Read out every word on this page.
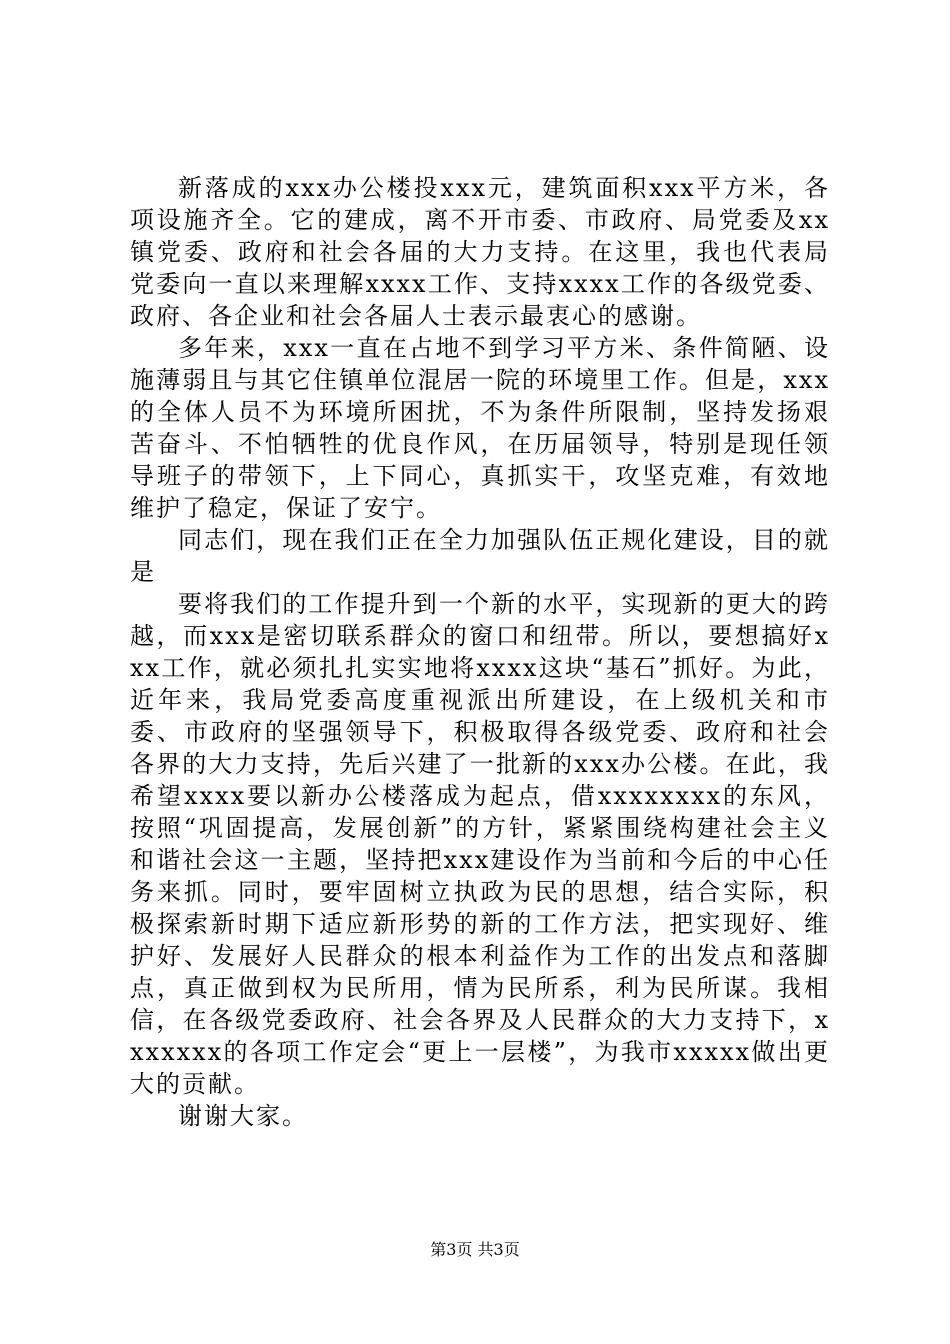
新落成的xxx办公楼投xxx元，建筑面积xxx平方米，各项设施齐全。它的建成，离不开市委、市政府、局党委及xx镇党委、政府和社会各届的大力支持。在这里，我也代表局党委向一直以来理解xxxx工作、支持xxxx工作的各级党委、政府、各企业和社会各届人士表示最衷心的感谢。

多年来，xxx一直在占地不到学习平方米、条件简陋、设施薄弱且与其它住镇单位混居一院的环境里工作。但是，xxx的全体人员不为环境所困扰，不为条件所限制，坚持发扬艰苦奋斗、不怕牺牲的优良作风，在历届领导，特别是现任领导班子的带领下，上下同心，真抓实干，攻坚克难，有效地维护了稳定，保证了安宁。

同志们，现在我们正在全力加强队伍正规化建设，目的就是

要将我们的工作提升到一个新的水平，实现新的更大的跨越，而xxx是密切联系群众的窗口和纽带。所以，要想搞好xxx工作，就必须扎扎实实地将xxxx这块“基石”抓好。为此，近年来，我局党委高度重视派出所建设，在上级机关和市委、市政府的坚强领导下，积极取得各级党委、政府和社会各界的大力支持，先后兴建了一批新的xxx办公楼。在此，我希望xxxx要以新办公楼落成为起点，借xxxxxxxx的东风，按照“巩固提高，发展创新”的方针，紧紧围绕构建社会主义和谐社会这一主题，坚持把xxx建设作为当前和今后的中心任务来抓。同时，要牢固树立执政为民的思想，结合实际，积极探索新时期下适应新形势的新的工作方法，把实现好、维护好、发展好人民群众的根本利益作为工作的出发点和落脚点，真正做到权为民所用，情为民所系，利为民所谋。我相信，在各级党委政府、社会各界及人民群众的大力支持下，xxxxxxx的各项工作定会“更上一层楼”，为我市xxxxx做出更大的贡献。

谢谢大家。

第3页 共3页
